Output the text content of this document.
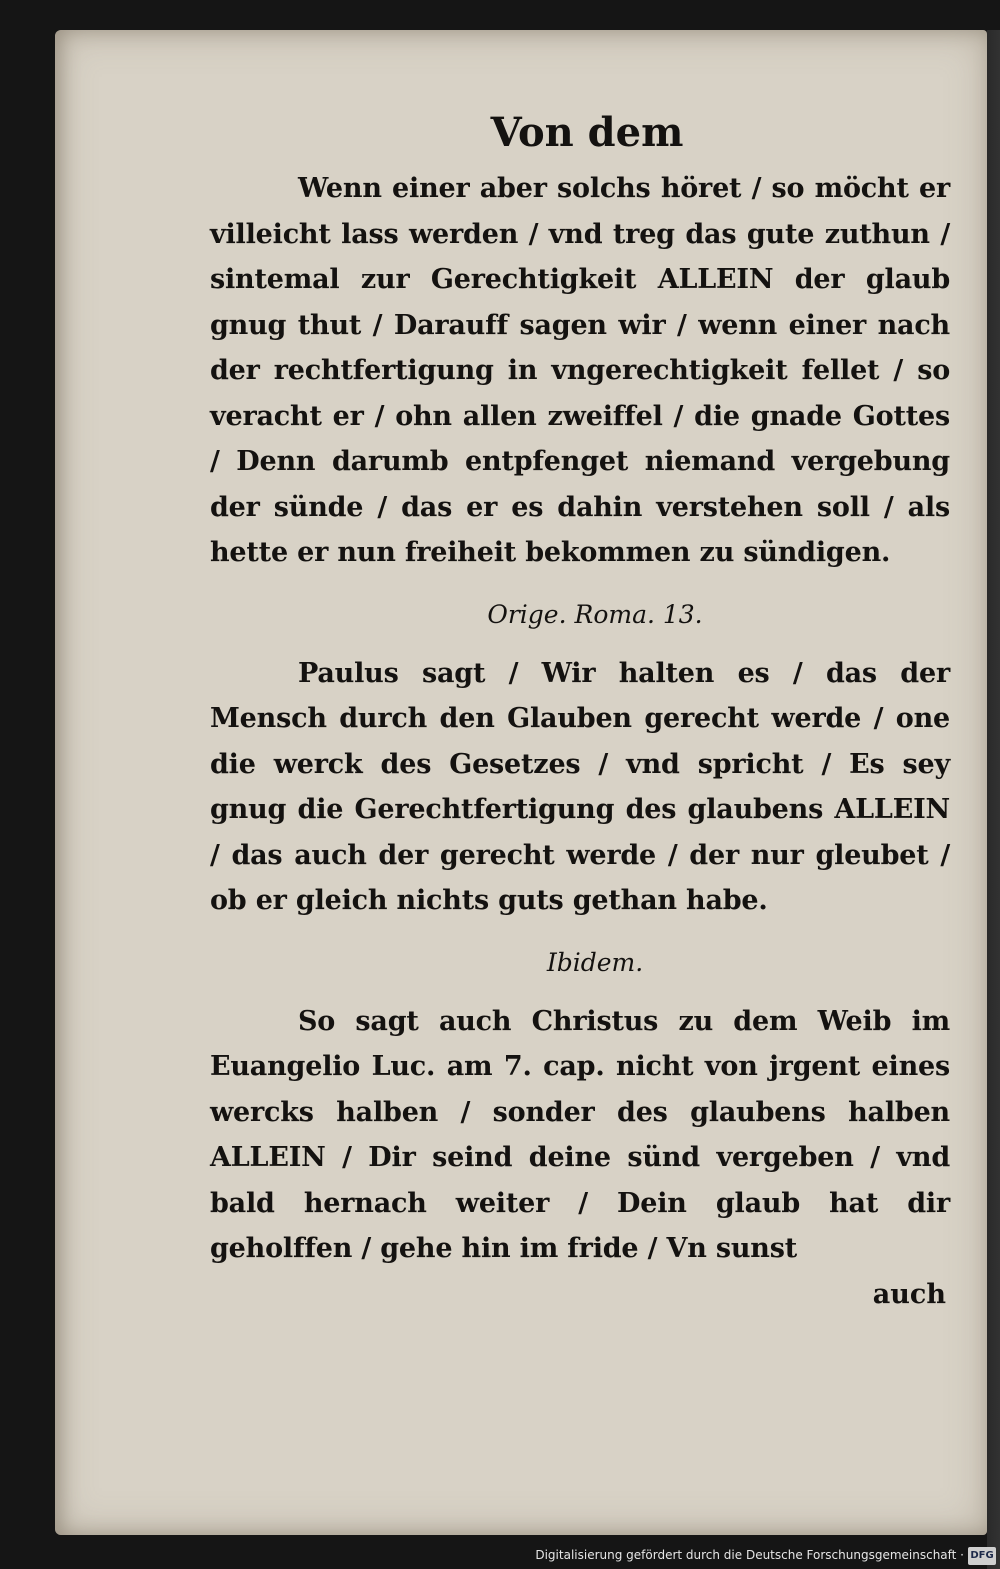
Von dem

Wenn einer aber solchs höret / so möcht er villeicht lass werden / vnd treg das gute zuthun / sintemal zur Gerechtigkeit ALLEIN der glaub gnug thut / Darauff sagen wir / wenn einer nach der rechtfertigung in vngerechtigkeit fellet / so veracht er / ohn allen zweiffel / die gnade Gottes / Denn darumb entpfenget niemand vergebung der sünde / das er es dahin verstehen soll / als hette er nun freiheit bekommen zu sündigen.

Orige. Roma. 13.

Paulus sagt / Wir halten es / das der Mensch durch den Glauben gerecht werde / one die werck des Gesetzes / vnd spricht / Es sey gnug die Gerechtfertigung des glaubens ALLEIN / das auch der gerecht werde / der nur gleubet / ob er gleich nichts guts gethan habe.

Ibidem.

So sagt auch Christus zu dem Weib im Euangelio Luc. am 7. cap. nicht von jrgent eines wercks halben / sonder des glaubens halben ALLEIN / Dir seind deine sünd vergeben / vnd bald hernach weiter / Dein glaub hat dir geholffen / gehe hin im fride / Vn sunst

auch

Digitalisierung gefördert durch die Deutsche Forschungsgemeinschaft · DFG
